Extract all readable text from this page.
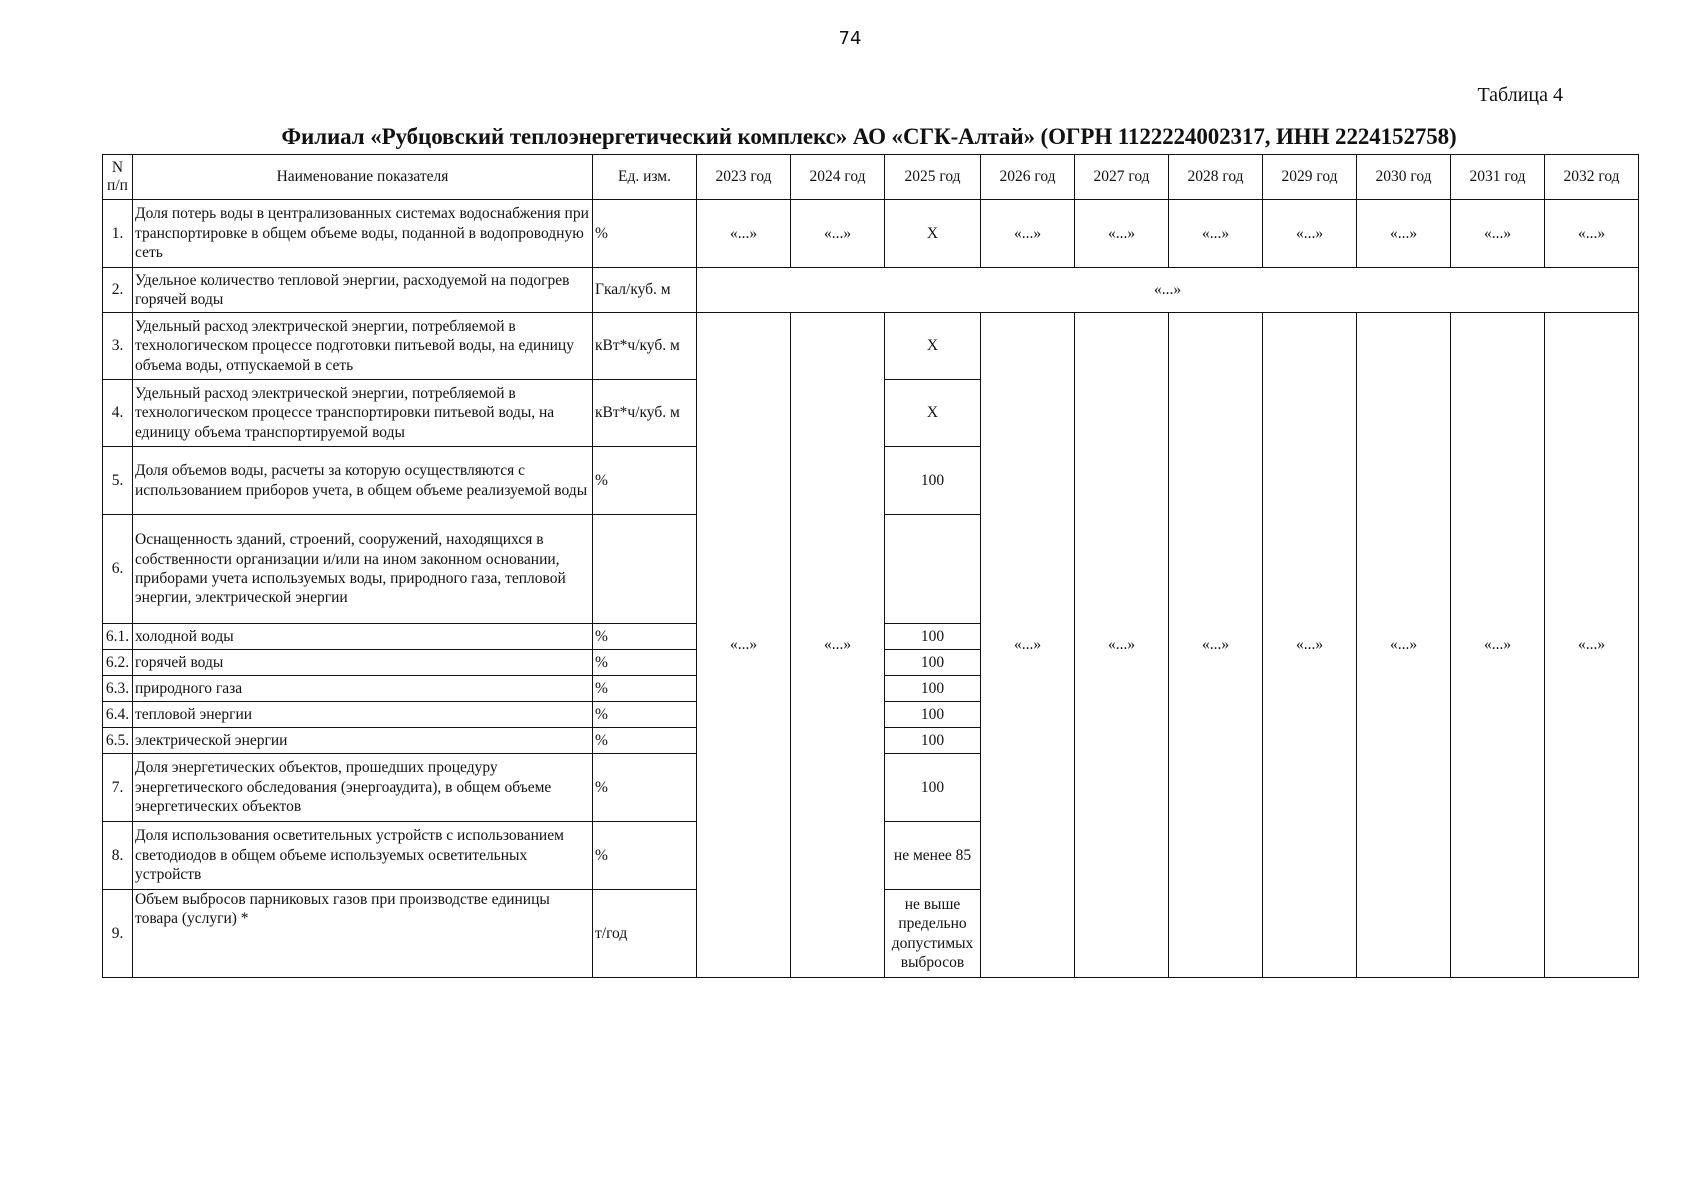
74
Таблица 4
Филиал «Рубцовский теплоэнергетический комплекс» АО «СГК-Алтай» (ОГРН 1122224002317, ИНН 2224152758)
N п/п	Наименование показателя	Ед. изм.	2023 год	2024 год	2025 год	2026 год	2027 год	2028 год	2029 год	2030 год	2031 год	2032 год
1.	Доля потерь воды в централизованных системах водоснабжения при транспортировке в общем объеме воды, поданной в водопроводную сеть	%	«...»	«...»	Х	«...»	«...»	«...»	«...»	«...»	«...»	«...»
2.	Удельное количество тепловой энергии, расходуемой на подогрев горячей воды	Гкал/куб. м	«...»									
3.	Удельный расход электрической энергии, потребляемой в технологическом процессе подготовки питьевой воды, на единицу объема воды, отпускаемой в сеть	кВт*ч/куб. м	«...»	«...»	Х	«...»	«...»	«...»	«...»	«...»	«...»	«...»
4.	Удельный расход электрической энергии, потребляемой в технологическом процессе транспортировки питьевой воды, на единицу объема транспортируемой воды	кВт*ч/куб. м			Х							
5.	Доля объемов воды, расчеты за которую осуществляются с использованием приборов учета, в общем объеме реализуемой воды	%			100							
6.	Оснащенность зданий, строений, сооружений, находящихся в собственности организации и/или на ином законном основании, приборами учета используемых воды, природного газа, тепловой энергии, электрической энергии											
6.1.	холодной воды	%			100							
6.2.	горячей воды	%			100							
6.3.	природного газа	%			100							
6.4.	тепловой энергии	%			100							
6.5.	электрической энергии	%			100							
7.	Доля энергетических объектов, прошедших процедуру энергетического обследования (энергоаудита), в общем объеме энергетических объектов	%			100							
8.	Доля использования осветительных устройств с использованием светодиодов в общем объеме используемых осветительных устройств	%			не менее 85							
9.	Объем выбросов парниковых газов при производстве единицы товара (услуги) *	т/год			не выше предельно допустимых выбросов							
